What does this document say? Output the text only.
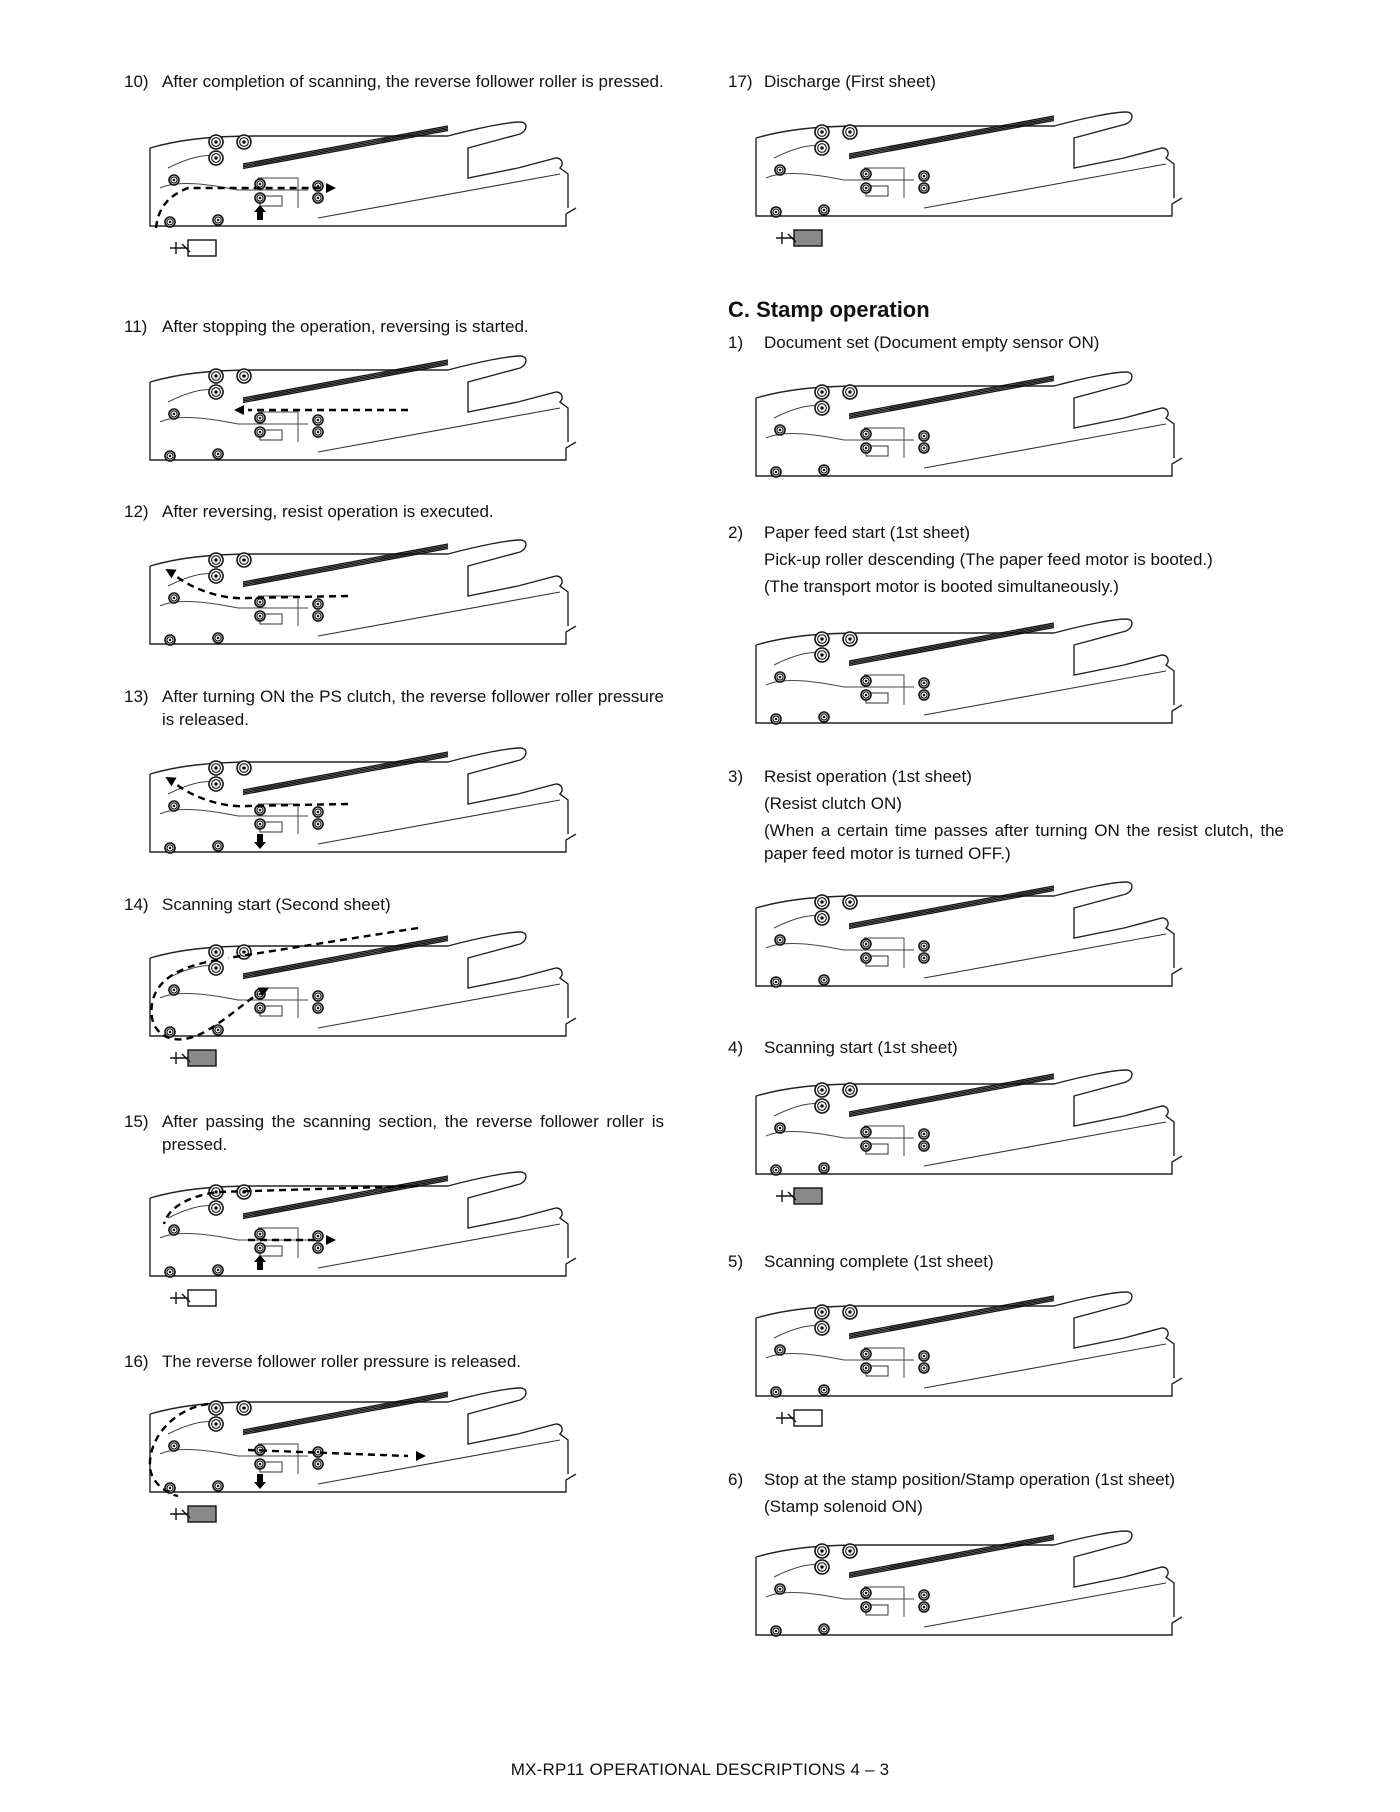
10) After completion of scanning, the reverse follower roller is pressed.
11) After stopping the operation, reversing is started.
12) After reversing, resist operation is executed.
13) After turning ON the PS clutch, the reverse follower roller pressure is released.
14) Scanning start (Second sheet)
15) After passing the scanning section, the reverse follower roller is pressed.
16) The reverse follower roller pressure is released.
17) Discharge (First sheet)
C. Stamp operation
1) Document set (Document empty sensor ON)
2) Paper feed start (1st sheet)
Pick-up roller descending (The paper feed motor is booted.)
(The transport motor is booted simultaneously.)
3) Resist operation (1st sheet)
(Resist clutch ON)
(When a certain time passes after turning ON the resist clutch, the paper feed motor is turned OFF.)
4) Scanning start (1st sheet)
5) Scanning complete (1st sheet)
6) Stop at the stamp position/Stamp operation (1st sheet)
(Stamp solenoid ON)
MX-RP11 OPERATIONAL DESCRIPTIONS 4 – 3
